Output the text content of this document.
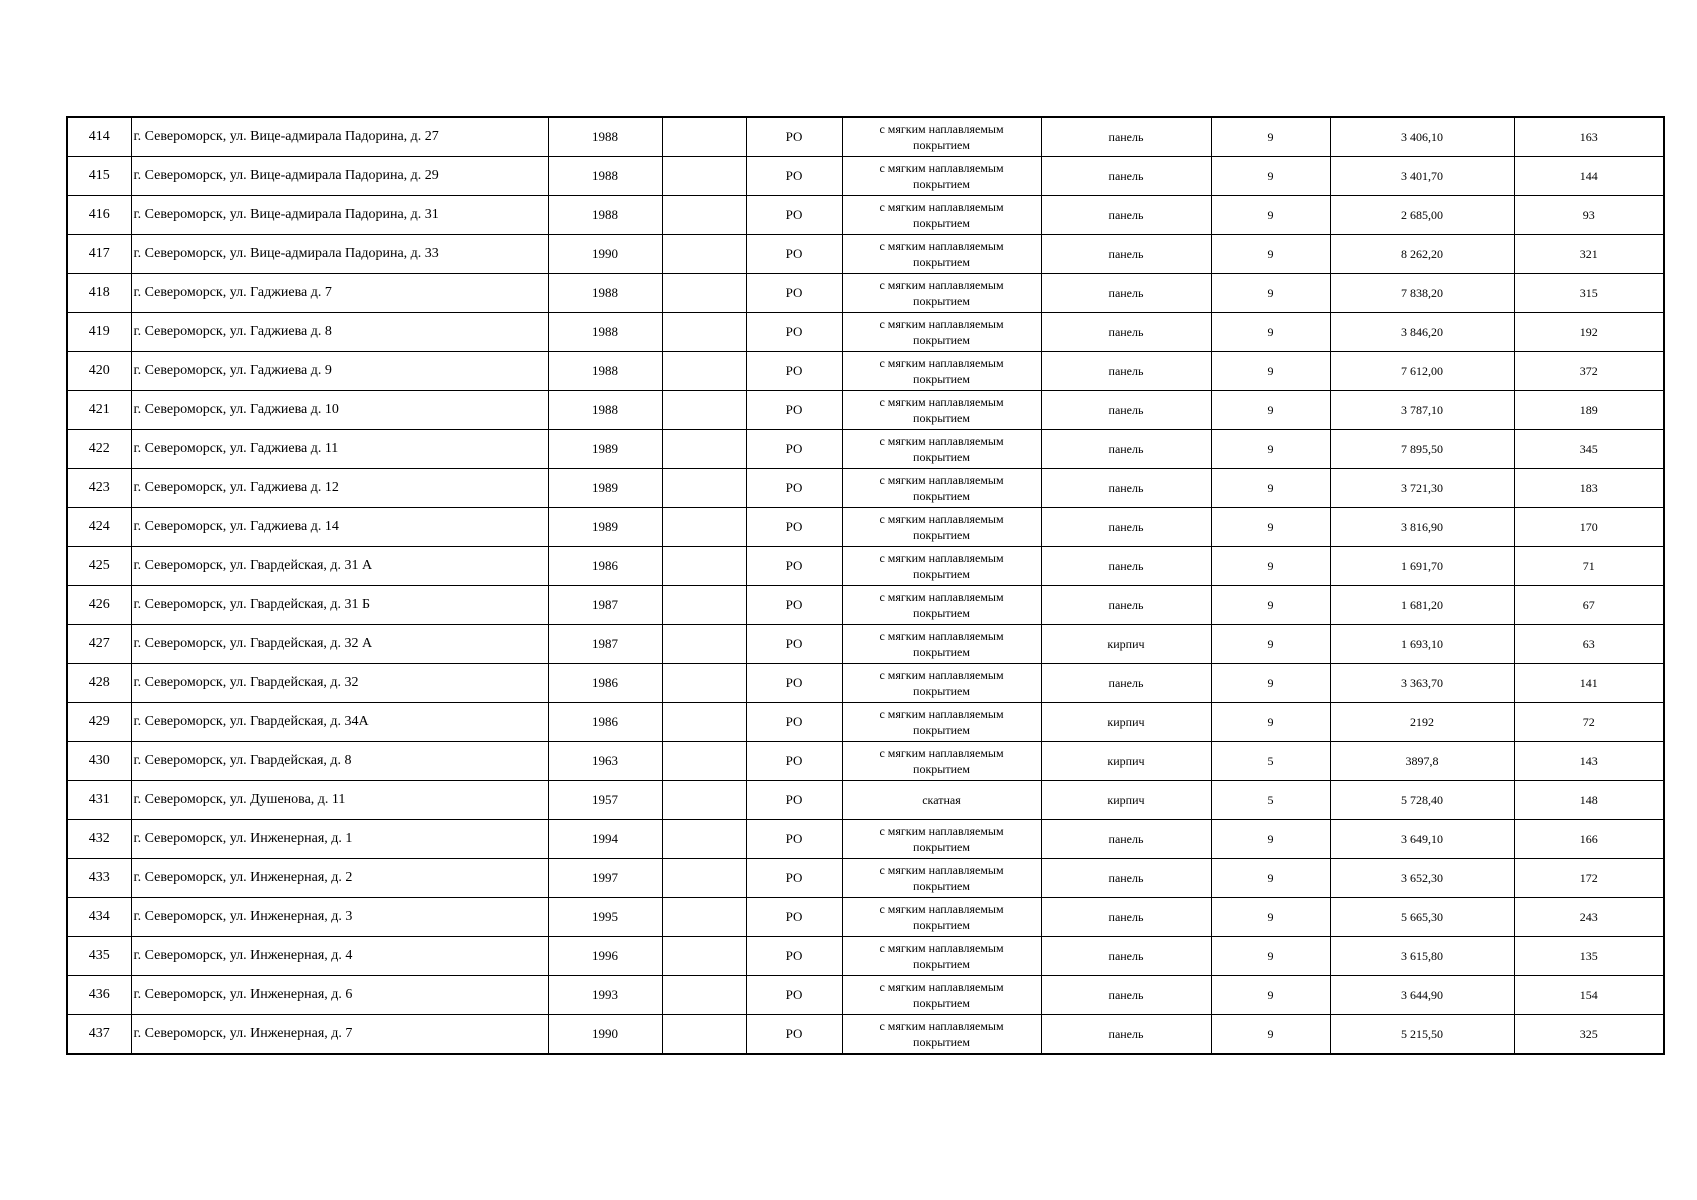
414	г. Североморск, ул. Вице-адмирала Падорина, д. 27	1988		РО	с мягким наплавляемым
покрытием	панель	9	3 406,10	163
415	г. Североморск, ул. Вице-адмирала Падорина, д. 29	1988		РО	с мягким наплавляемым
покрытием	панель	9	3 401,70	144
416	г. Североморск, ул. Вице-адмирала Падорина, д. 31	1988		РО	с мягким наплавляемым
покрытием	панель	9	2 685,00	93
417	г. Североморск, ул. Вице-адмирала Падорина, д. 33	1990		РО	с мягким наплавляемым
покрытием	панель	9	8 262,20	321
418	г. Североморск, ул. Гаджиева д. 7	1988		РО	с мягким наплавляемым
покрытием	панель	9	7 838,20	315
419	г. Североморск, ул. Гаджиева д. 8	1988		РО	с мягким наплавляемым
покрытием	панель	9	3 846,20	192
420	г. Североморск, ул. Гаджиева д. 9	1988		РО	с мягким наплавляемым
покрытием	панель	9	7 612,00	372
421	г. Североморск, ул. Гаджиева д. 10	1988		РО	с мягким наплавляемым
покрытием	панель	9	3 787,10	189
422	г. Североморск, ул. Гаджиева д. 11	1989		РО	с мягким наплавляемым
покрытием	панель	9	7 895,50	345
423	г. Североморск, ул. Гаджиева д. 12	1989		РО	с мягким наплавляемым
покрытием	панель	9	3 721,30	183
424	г. Североморск, ул. Гаджиева д. 14	1989		РО	с мягким наплавляемым
покрытием	панель	9	3 816,90	170
425	г. Североморск, ул. Гвардейская, д. 31 А	1986		РО	с мягким наплавляемым
покрытием	панель	9	1 691,70	71
426	г. Североморск, ул. Гвардейская, д. 31 Б	1987		РО	с мягким наплавляемым
покрытием	панель	9	1 681,20	67
427	г. Североморск, ул. Гвардейская, д. 32 А	1987		РО	с мягким наплавляемым
покрытием	кирпич	9	1 693,10	63
428	г. Североморск, ул. Гвардейская, д. 32	1986		РО	с мягким наплавляемым
покрытием	панель	9	3 363,70	141
429	г. Североморск, ул. Гвардейская, д. 34А	1986		РО	с мягким наплавляемым
покрытием	кирпич	9	2192	72
430	г. Североморск, ул. Гвардейская, д. 8	1963		РО	с мягким наплавляемым
покрытием	кирпич	5	3897,8	143
431	г. Североморск, ул. Душенова, д. 11	1957		РО	скатная	кирпич	5	5 728,40	148
432	г. Североморск, ул. Инженерная, д. 1	1994		РО	с мягким наплавляемым
покрытием	панель	9	3 649,10	166
433	г. Североморск, ул. Инженерная, д. 2	1997		РО	с мягким наплавляемым
покрытием	панель	9	3 652,30	172
434	г. Североморск, ул. Инженерная, д. 3	1995		РО	с мягким наплавляемым
покрытием	панель	9	5 665,30	243
435	г. Североморск, ул. Инженерная, д. 4	1996		РО	с мягким наплавляемым
покрытием	панель	9	3 615,80	135
436	г. Североморск, ул. Инженерная, д. 6	1993		РО	с мягким наплавляемым
покрытием	панель	9	3 644,90	154
437	г. Североморск, ул. Инженерная, д. 7	1990		РО	с мягким наплавляемым
покрытием	панель	9	5 215,50	325
